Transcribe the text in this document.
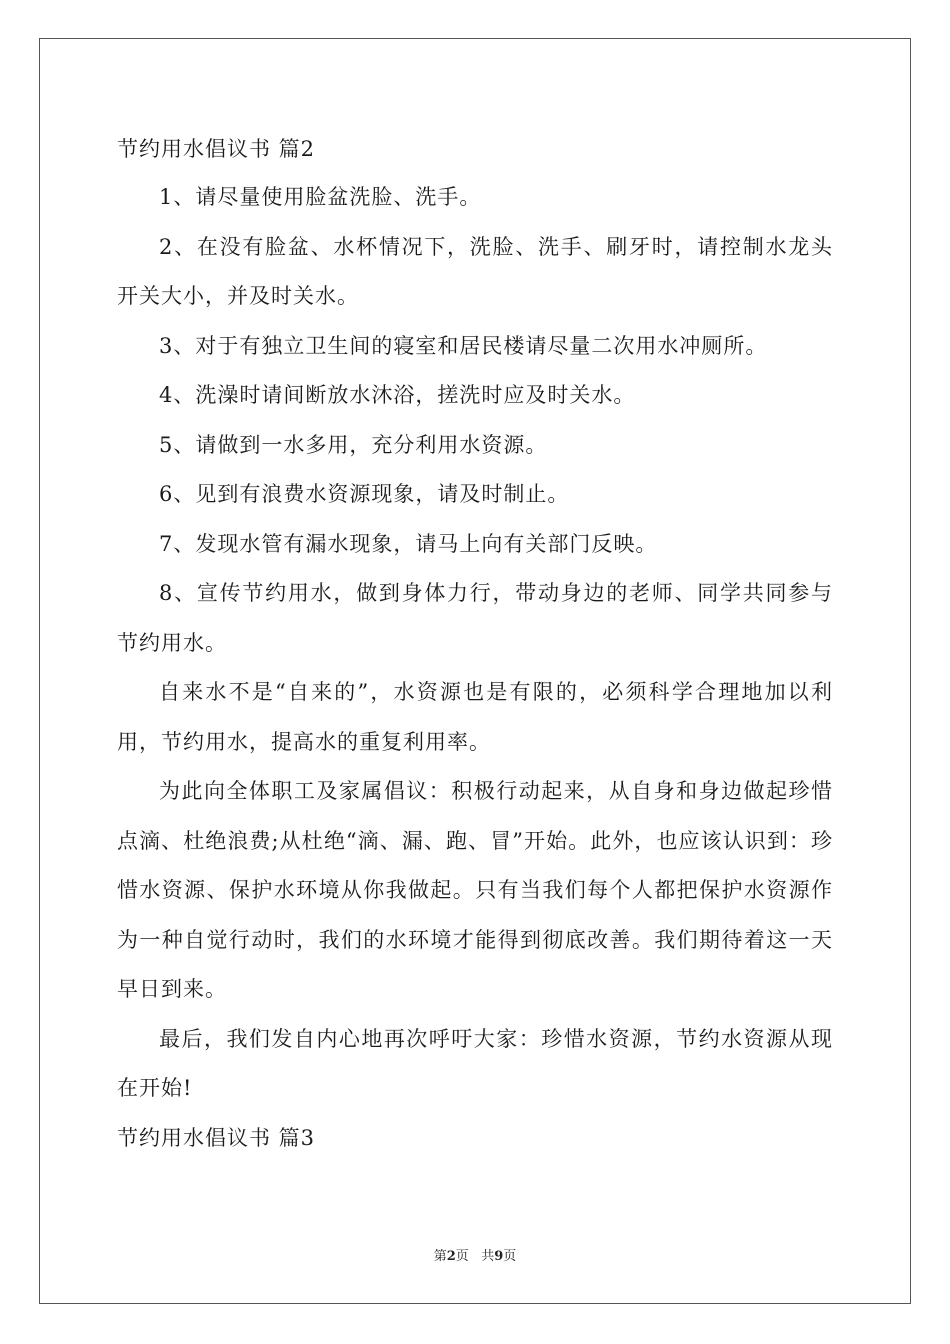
节约用水倡议书 篇2

1、请尽量使用脸盆洗脸、洗手。

2、在没有脸盆、水杯情况下，洗脸、洗手、刷牙时，请控制水龙头开关大小，并及时关水。

3、对于有独立卫生间的寝室和居民楼请尽量二次用水冲厕所。

4、洗澡时请间断放水沐浴，搓洗时应及时关水。

5、请做到一水多用，充分利用水资源。

6、见到有浪费水资源现象，请及时制止。

7、发现水管有漏水现象，请马上向有关部门反映。

8、宣传节约用水，做到身体力行，带动身边的老师、同学共同参与节约用水。

自来水不是“自来的”，水资源也是有限的，必须科学合理地加以利用，节约用水，提高水的重复利用率。

为此向全体职工及家属倡议：积极行动起来，从自身和身边做起珍惜点滴、杜绝浪费;从杜绝“滴、漏、跑、冒”开始。此外，也应该认识到：珍惜水资源、保护水环境从你我做起。只有当我们每个人都把保护水资源作为一种自觉行动时，我们的水环境才能得到彻底改善。我们期待着这一天早日到来。

最后，我们发自内心地再次呼吁大家：珍惜水资源，节约水资源从现在开始!

节约用水倡议书 篇3

第2页 共9页
